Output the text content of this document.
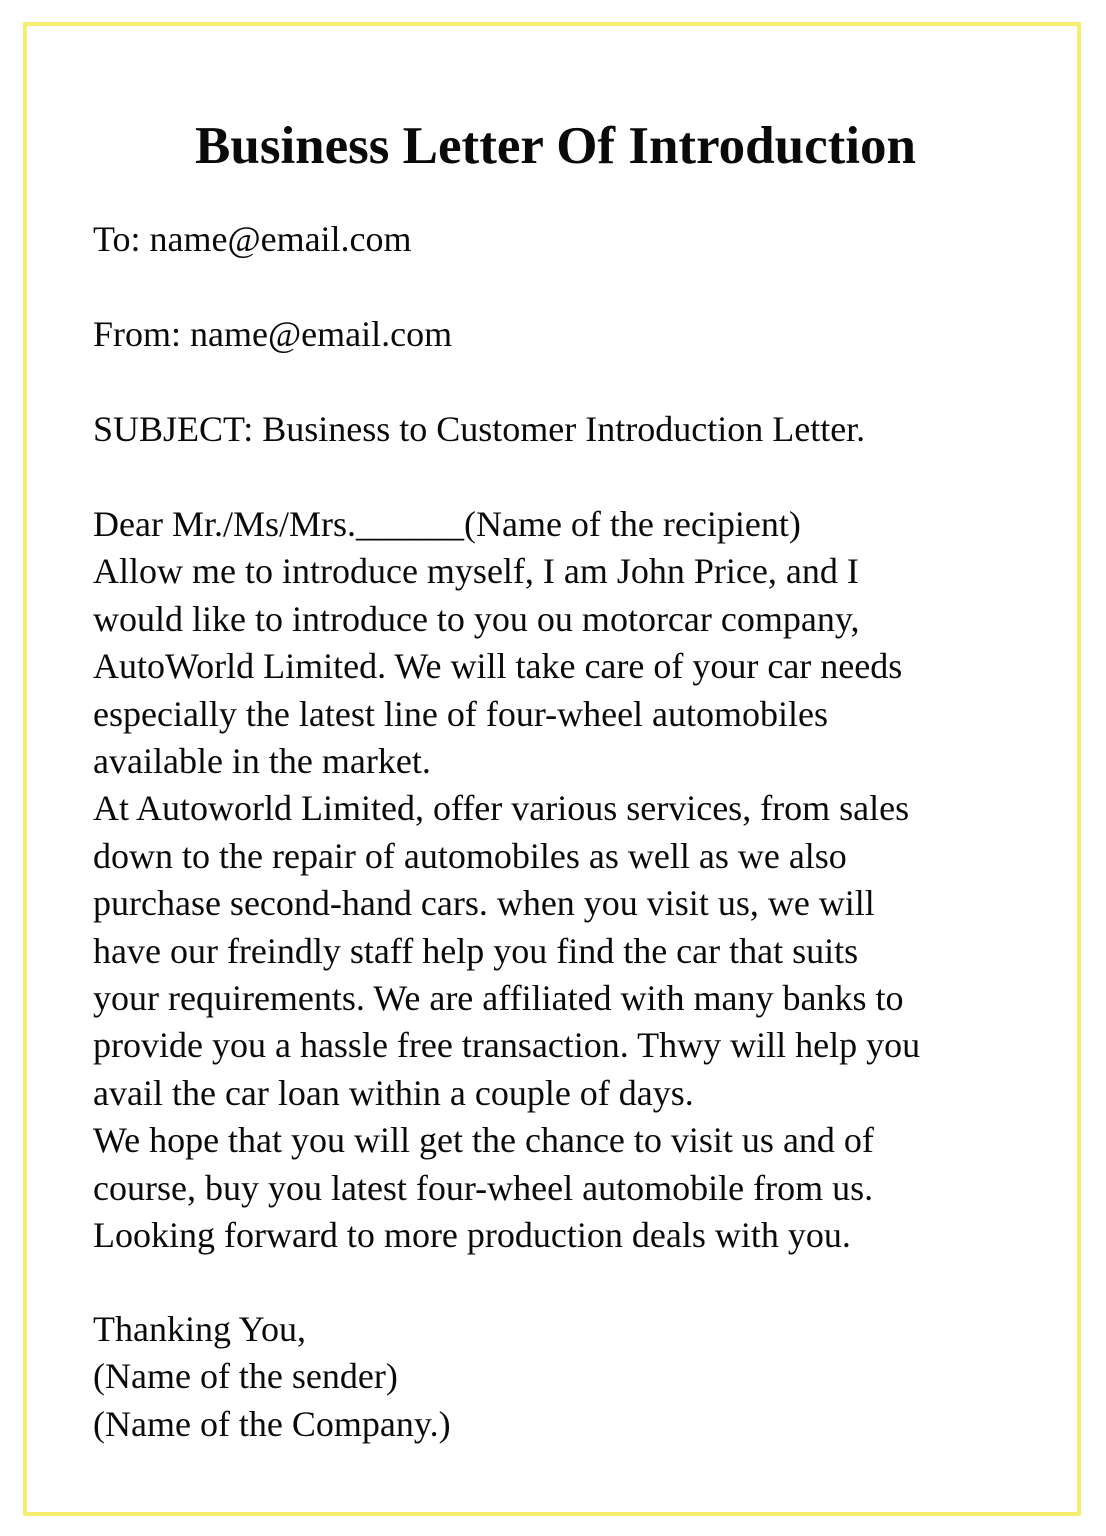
Business Letter Of Introduction

To: name@email.com

From: name@email.com

SUBJECT: Business to Customer Introduction Letter.

Dear Mr./Ms/Mrs.______(Name of the recipient)
Allow me to introduce myself, I am John Price, and I
would like to introduce to you ou motorcar company,
AutoWorld Limited. We will take care of your car needs
especially the latest line of four-wheel automobiles
available in the market.
At Autoworld Limited, offer various services, from sales
down to the repair of automobiles as well as we also
purchase second-hand cars. when you visit us, we will
have our freindly staff help you find the car that suits
your requirements. We are affiliated with many banks to
provide you a hassle free transaction. Thwy will help you
avail the car loan within a couple of days.
We hope that you will get the chance to visit us and of
course, buy you latest four-wheel automobile from us.
Looking forward to more production deals with you.
Thanking You,
(Name of the sender)
(Name of the Company.)
